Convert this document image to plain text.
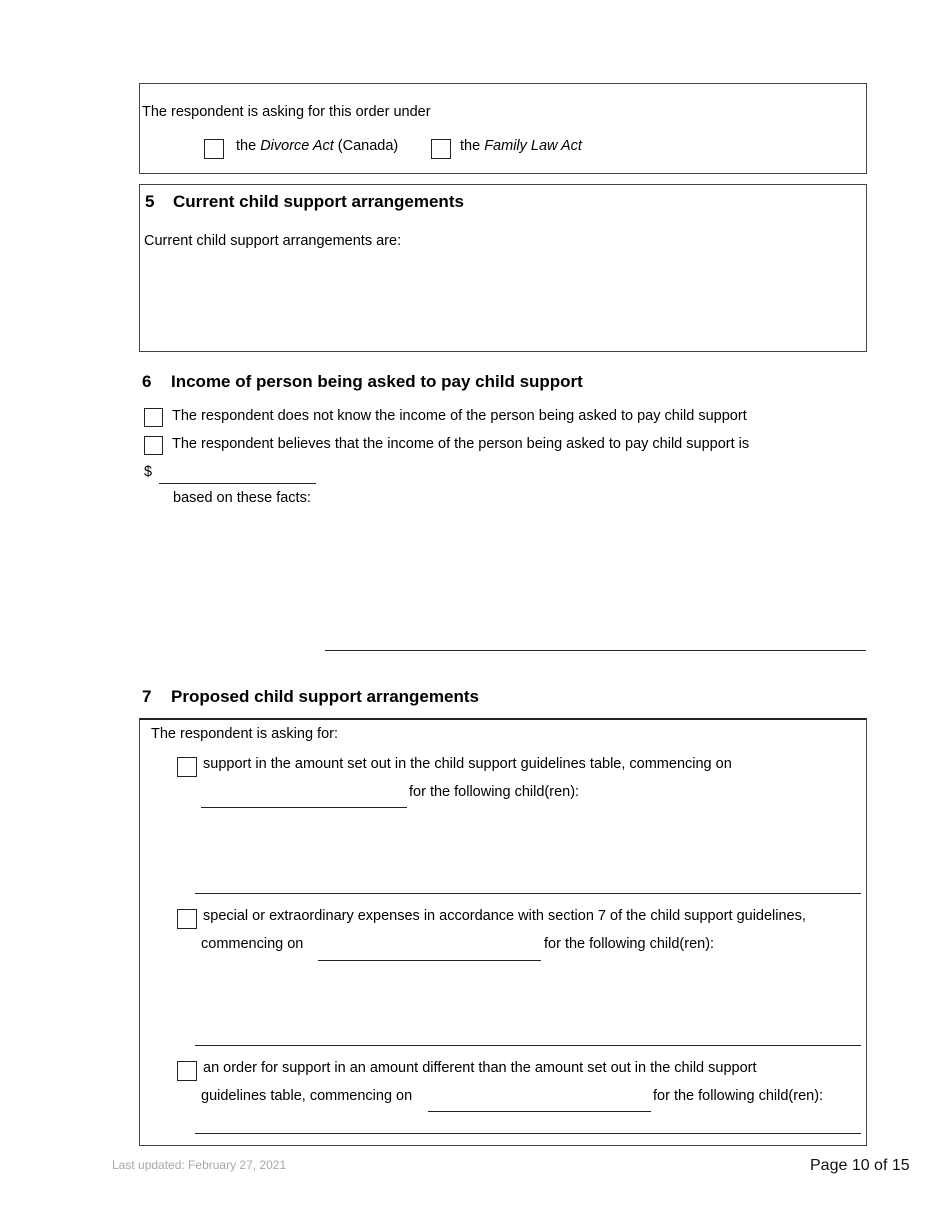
The respondent is asking for this order under
the Divorce Act (Canada)	the Family Law Act
5 Current child support arrangements
Current child support arrangements are:
6 Income of person being asked to pay child support
The respondent does not know the income of the person being asked to pay child support
The respondent believes that the income of the person being asked to pay child support is
$
based on these facts:
7 Proposed child support arrangements
The respondent is asking for:
support in the amount set out in the child support guidelines table, commencing on
for the following child(ren):
special or extraordinary expenses in accordance with section 7 of the child support guidelines,
commencing on	for the following child(ren):
an order for support in an amount different than the amount set out in the child support
guidelines table, commencing on	for the following child(ren):
Last updated: February 27, 2021	Page 10 of 15
